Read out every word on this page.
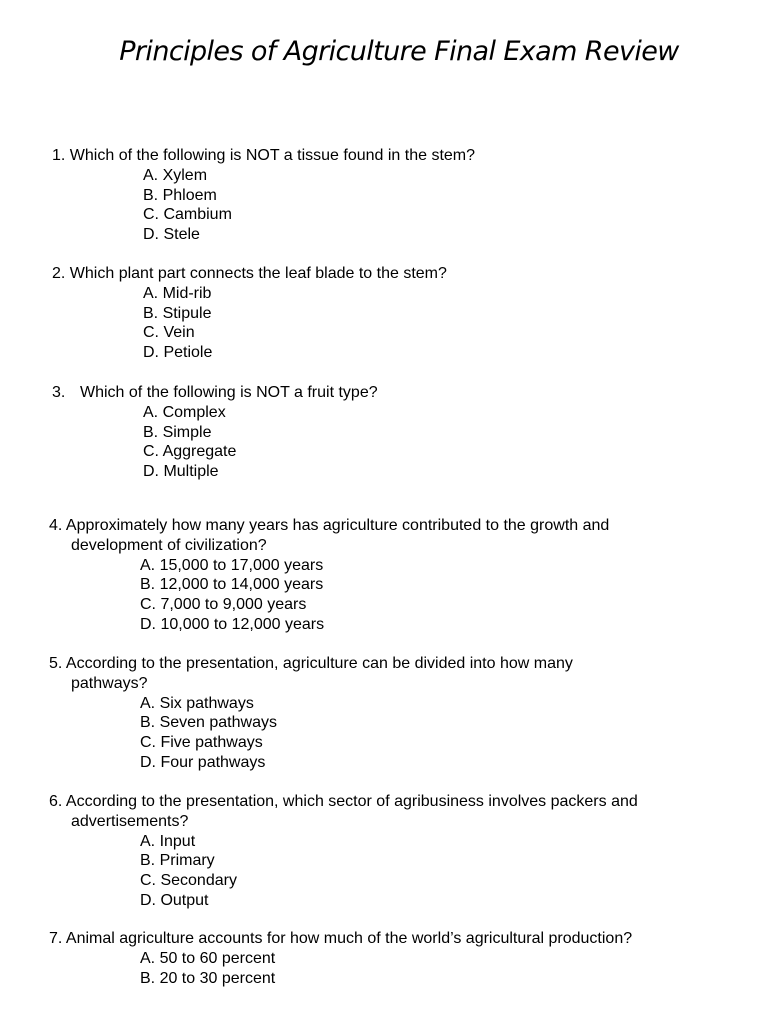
Principles of Agriculture Final Exam Review
1. Which of the following is NOT a tissue found in the stem?
A. Xylem
B. Phloem
C. Cambium
D. Stele
2. Which plant part connects the leaf blade to the stem?
A. Mid-rib
B. Stipule
C. Vein
D. Petiole
3. Which of the following is NOT a fruit type?
A. Complex
B. Simple
C. Aggregate
D. Multiple
4. Approximately how many years has agriculture contributed to the growth and
development of civilization?
A. 15,000 to 17,000 years
B. 12,000 to 14,000 years
C. 7,000 to 9,000 years
D. 10,000 to 12,000 years
5. According to the presentation, agriculture can be divided into how many
pathways?
A. Six pathways
B. Seven pathways
C. Five pathways
D. Four pathways
6. According to the presentation, which sector of agribusiness involves packers and
advertisements?
A. Input
B. Primary
C. Secondary
D. Output
7. Animal agriculture accounts for how much of the world’s agricultural production?
A. 50 to 60 percent
B. 20 to 30 percent
